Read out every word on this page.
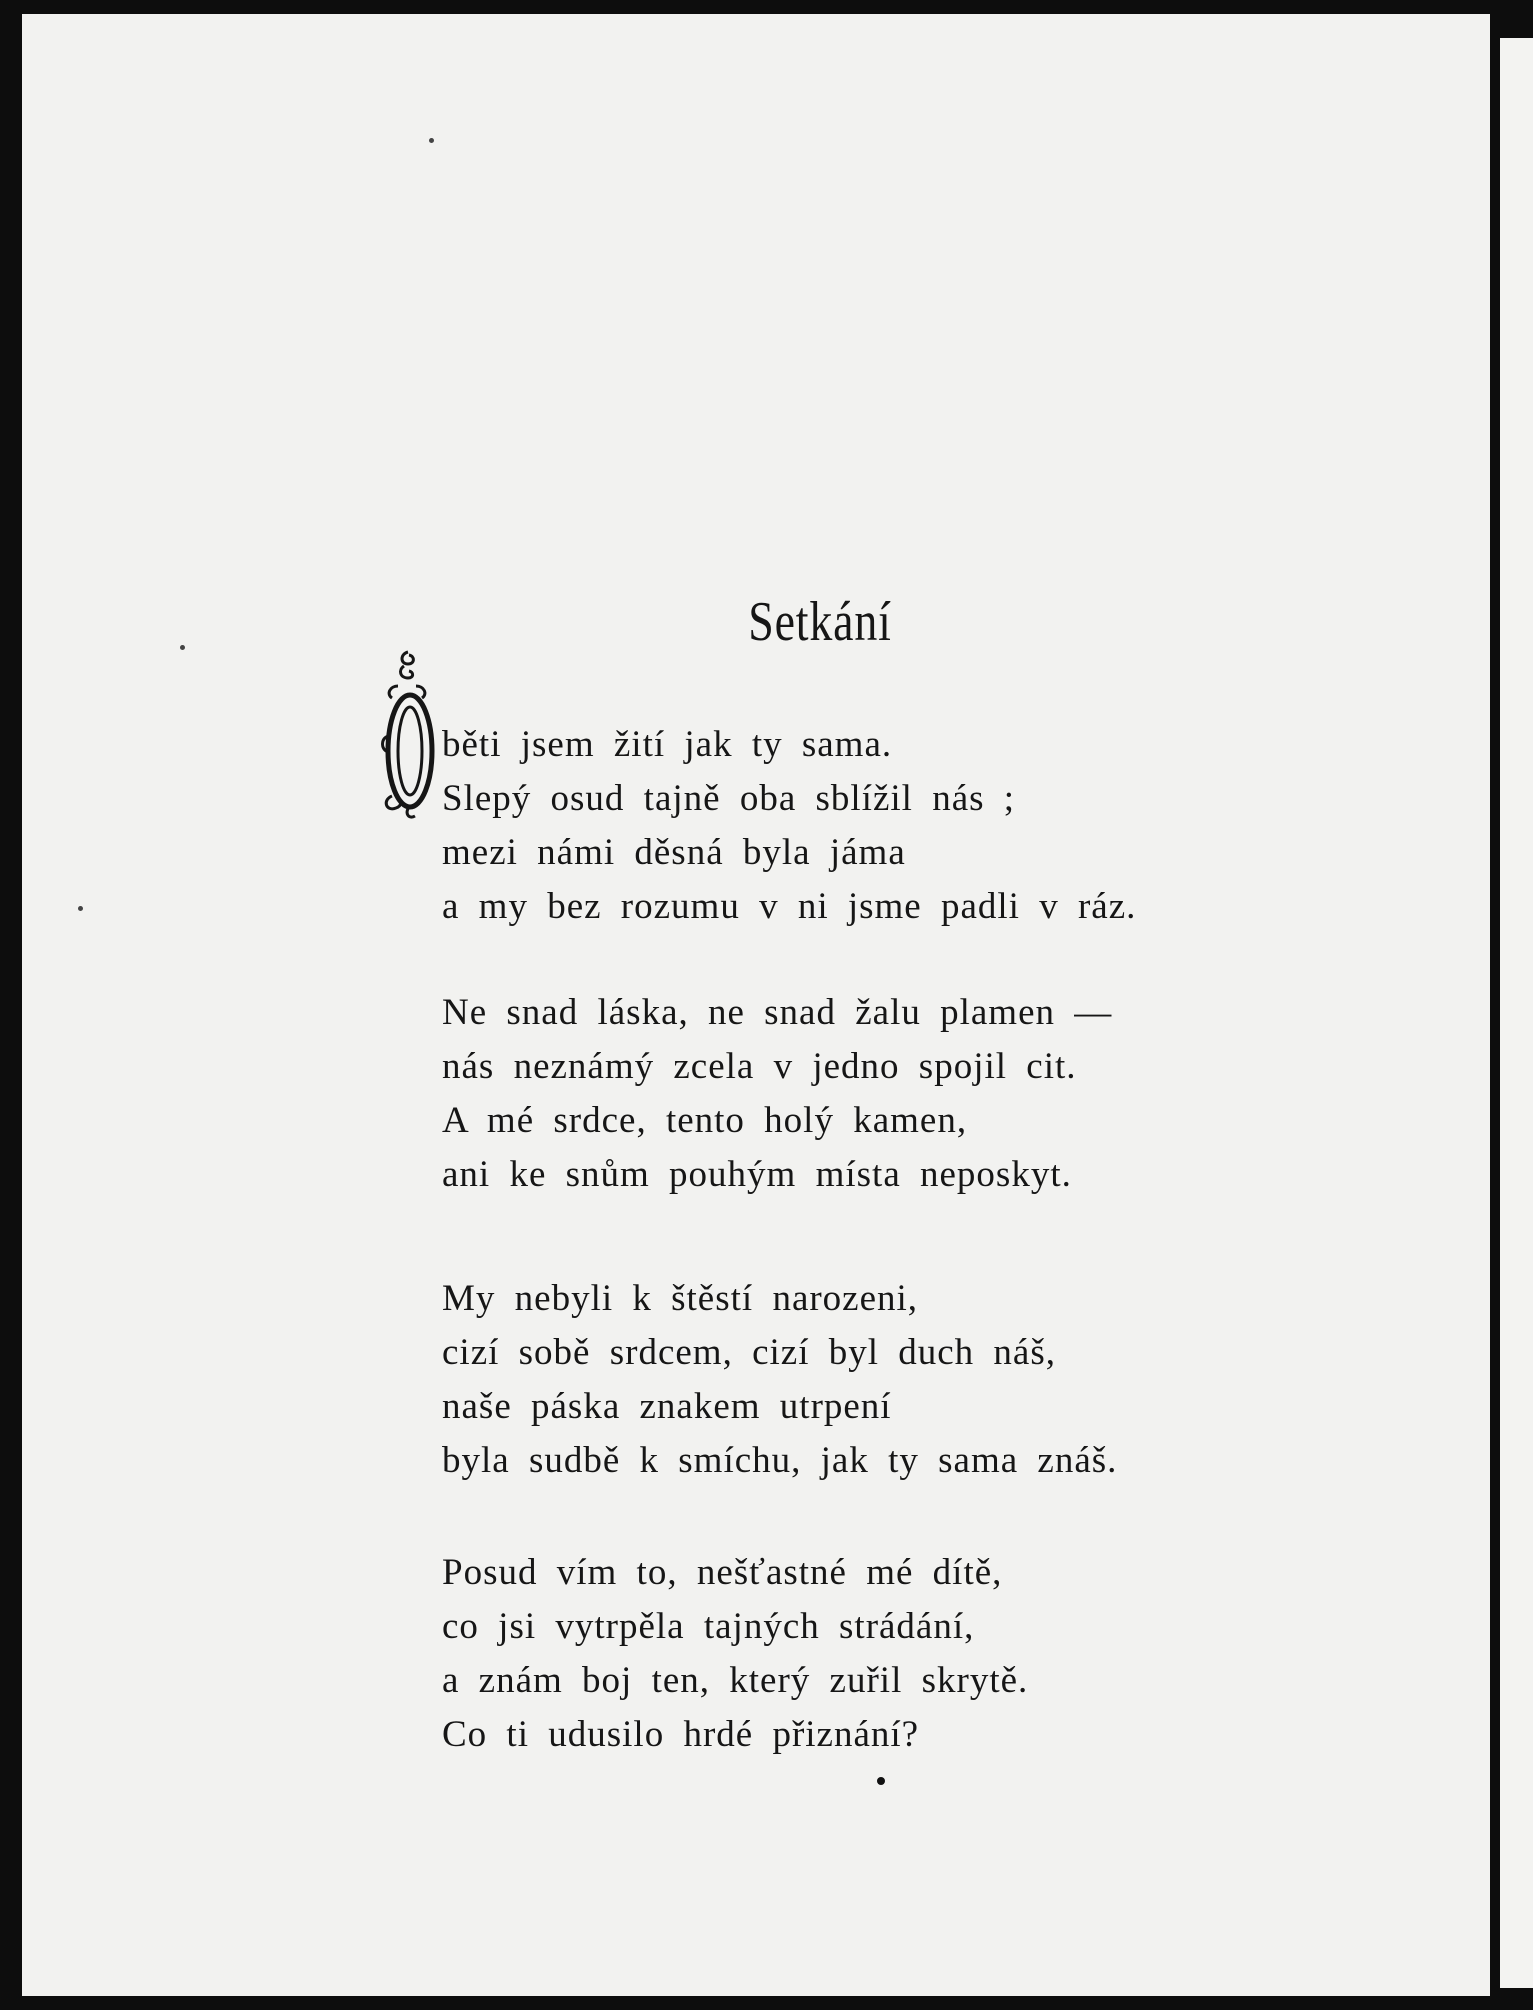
Setkání
běti jsem žití jak ty sama.
Slepý osud tajně oba sblížil nás ;
mezi námi děsná byla jáma
a my bez rozumu v ni jsme padli v ráz.
Ne snad láska, ne snad žalu plamen —
nás neznámý zcela v jedno spojil cit.
A mé srdce, tento holý kamen,
ani ke snům pouhým místa neposkyt.
My nebyli k štěstí narozeni,
cizí sobě srdcem, cizí byl duch náš,
naše páska znakem utrpení
byla sudbě k smíchu, jak ty sama znáš.
Posud vím to, nešťastné mé dítě,
co jsi vytrpěla tajných strádání,
a znám boj ten, který zuřil skrytě.
Co ti udusilo hrdé přiznání?
